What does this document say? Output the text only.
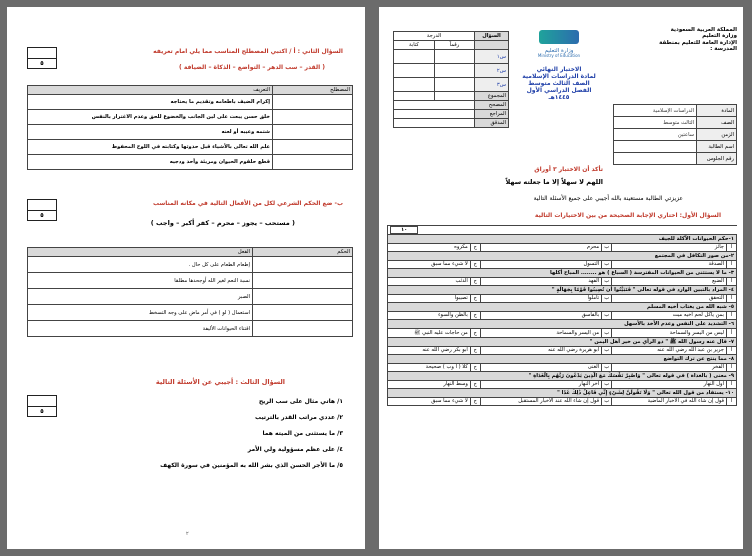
٥
السؤال الثاني : أ / اكتبي المصطلح المناسب مما يلي امام تعريفه
( القدر – سب الدهر – التواضع – الذكاة – الضيافة )
المصطلح	التعريف
	إكرام الضيف باطعامه وتقديم ما يحتاجه
	خلق حسن يبعث على لين الجانب والخضوع للحق وعدم الاغترار بالنفس
	شتمه وعيبه أو لعنه
	علم الله تعالى بالأشياء قبل حدوثها وكتابته في اللوح المحفوظ
	قطع حلقوم الحيوان ومريئة وأحد ودجيه
٥
ب- ضع الحكم الشرعي لكل من الأفعال التالية في مكانه المناسب
( مستحب – يجوز – محرم – كفر أكبر – واجب )
الحكم	الفعل
	إطعام الطعام على كل حال .
	نسبة النعم لغير الله أوجحدها مطلقا
	الصبر
	استعمال ( لو ) في أمر ماض على وجه التسخط
	اقتناء الحيوانات الأليفة
٥
السؤال الثالث : أجيبي عن الأسئلة التالية
١/ هاتي مثال على سب الريح
٢/ عددي مراتب القدر بالترتيب
٣/ ما يستثنى من الميته هما
٤/ على عظم مسؤولية ولي الأمر
٥/ ما الأجر الحسن الذي بشر الله به المؤمنين في سورة الكهف
٢
المملكة العربية السعودية
وزارة التعليم
الإدارة العامة للتعليم بمنطقة
المدرسة :
وزارة التعليم
Ministry of Education
الاختبار النهائي
لمادة الدراسات الإسلامية
الصف الثالث متوسط
الفصل الدراسي الأول
١٤٤٥هـ
السؤال	الدرجة	
	رقماً	كتابة
س١		
س٢		
س٣		
المجموع		
المصحح		
المراجع		
المدقق		
المادة	الدراسات الإسلامية
الصف	الثالث متوسط
الزمن	ساعتين
اسم الطالبة	
رقم الجلوس	
تأكد أن الاختبار ٣ أوراق
اللهم لا سهلاً إلا ما جعلته سهلاً
عزيزتي الطالبة مستعينة بالله أجيبي على جميع الأسئلة التالية
السؤال الأول: اختاري الإجابة الصحيحة من بين الاختيارات التالية
١٠					
١-حكم الحيوانات الآكلة للجيف					
أ	جائز	ب	محرم	ج	مكروه
٢-من صور التكافل في المجتمع					
أ	الصدقة	ب	التسول	ج	لا شيء مما سبق
٣- ما لا يستثنى من الحيوانات المفترسة ( السباع ) هو ........ المباح أكلها					
أ	الضبع	ب	الفهد	ج	الذئب
٤- المراد بالتبين الوارد في قوله تعالى " فَتَبَيَّنُوا أَن تُصِيبُوا قَوْمًا بِجَهَالَةٍ "					
أ	التحقق	ب	تأملوا	ج	تصيبوا
٥- شبه الله من يغتاب أخيه المسلم					
أ	بمن يأكل لحم أخيه ميت	ب	بالفاسق	ج	بالظن والسوء
٦- التشديد على النفس وعدم الأخذ بالأسهل					
أ	ليس من اليسر والسماحة	ب	من اليسر والسماحة	ج	من حاجات عليه النبي ﷺ
٧- قال عنه رسول الله ﷺ " ذو الرأي من خير أهل اليمن "					
أ	جرير بن عبد الله رضي الله عنه	ب	أبو هريرة رضي الله عنه	ج	أبو بكر رضي الله عنه
٨- مما ينتج عن ترك التواضع					
أ	الفخر	ب	الغنى	ج	كلا ( أ وب ) صحيحة
٩- معنى ( بالغداة ) في قوله تعالى " وَاصْبِرْ نَفْسَكَ مَعَ الَّذِينَ يَدْعُونَ رَبَّهُم بِالْغَدَاةِ "					
أ	أول النهار	ب	آخر النهار	ج	وسط النهار
١٠- يستفاد من قول الله تعالى " وَلَا تَقُولَنَّ لِشَيْءٍ إِنِّي فَاعِلٌ ذَٰلِكَ غَدًا "					
أ	قول إن شاء الله في الأخبار الماضية	ب	قول إن شاء الله عند الأخبار المستقبل	ج	لا شيء مما سبق
